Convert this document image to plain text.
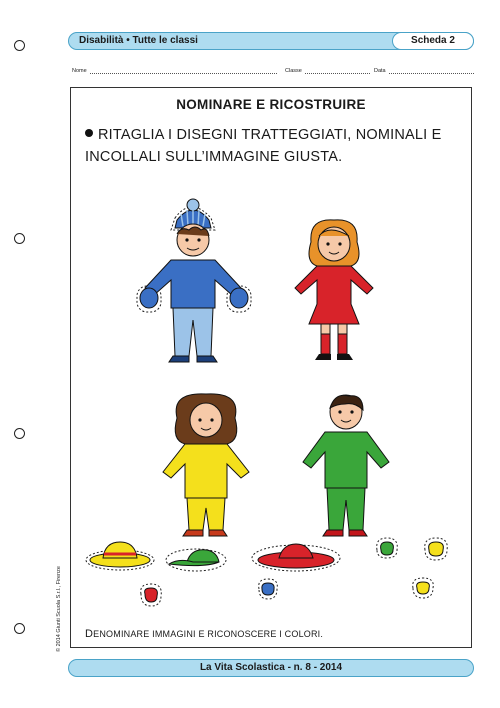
Disabilità • Tutte le classi	Scheda 2
Nome	Classe	Data
NOMINARE E RICOSTRUIRE
RITAGLIA I DISEGNI TRATTEGGIATI, NOMINALI E INCOLLALI SULL’IMMAGINE GIUSTA.
DENOMINARE IMMAGINI E RICONOSCERE I COLORI.
© 2014 Giunti Scuola S.r.l., Firenze
La Vita Scolastica - n. 8 - 2014
